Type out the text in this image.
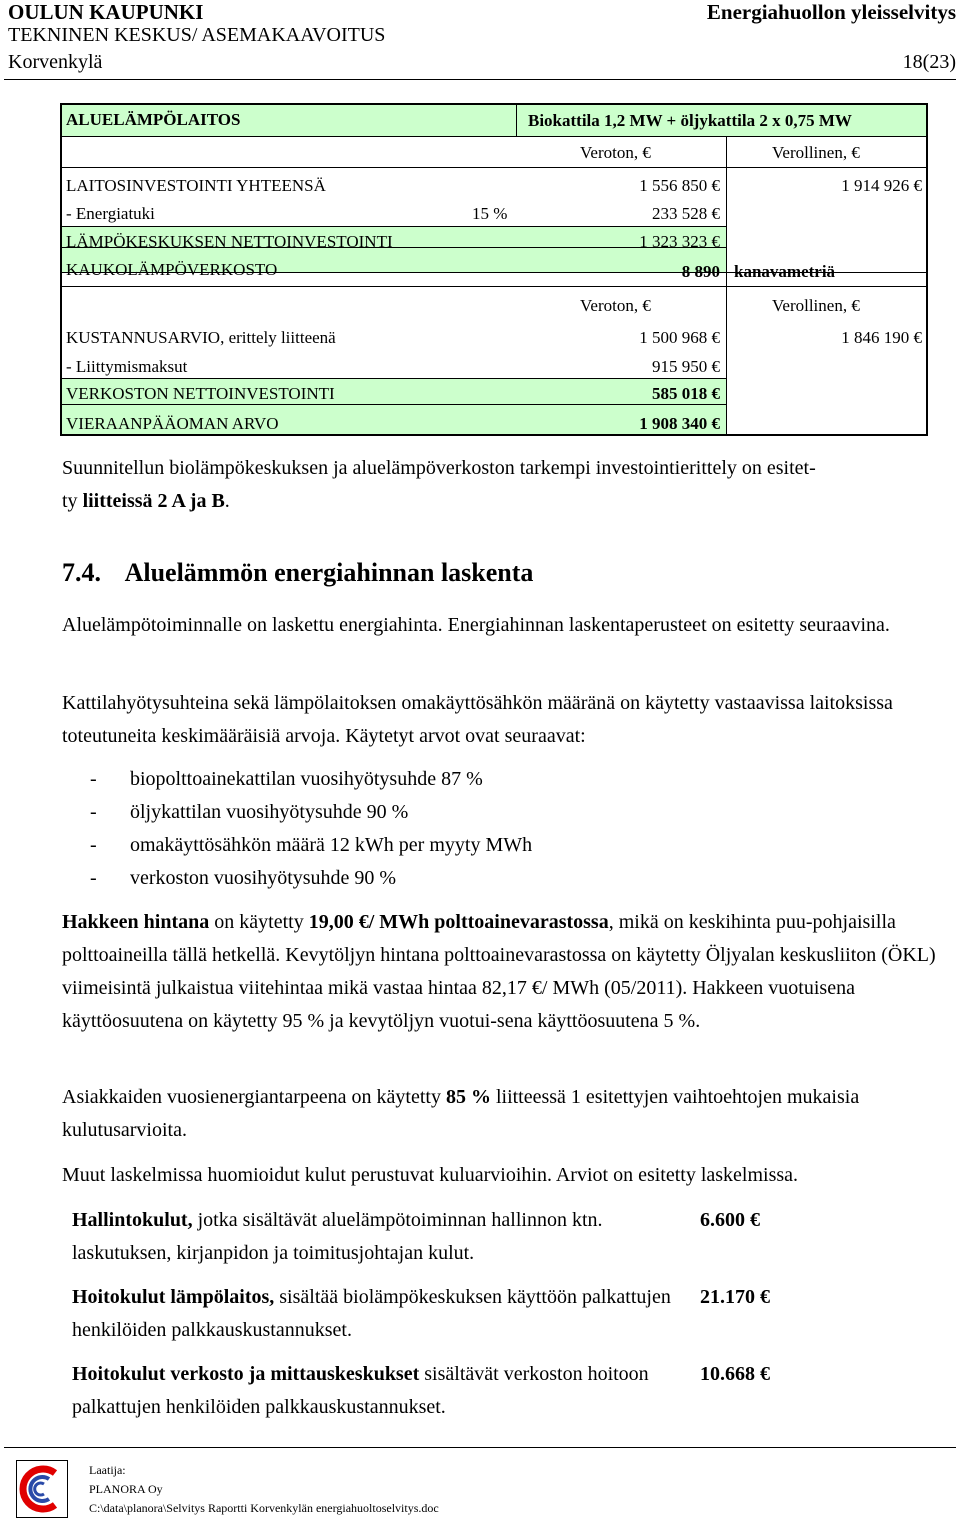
OULUN KAUPUNKI	Energiahuollon yleisselvitys
TEKNINEN KESKUS/ ASEMAKAAVOITUS
Korvenkylä	18(23)
ALUELÄMPÖLAITOS	Biokattila 1,2 MW + öljykattila 2 x 0,75 MW
Veroton, €	Verollinen, €
LAITOSINVESTOINTI YHTEENSÄ	1 556 850 €	1 914 926 €
- Energiatuki	15 %	233 528 €
LÄMPÖKESKUKSEN NETTOINVESTOINTI	1 323 323 €
KAUKOLÄMPÖVERKOSTO	8 890 kanavametriä
Veroton, €	Verollinen, €
KUSTANNUSARVIO, erittely liitteenä	1 500 968 €	1 846 190 €
- Liittymismaksut	915 950 €
VERKOSTON NETTOINVESTOINTI	585 018 €
VIERAANPÄÄOMAN ARVO	1 908 340 €
Suunnitellun biolämpökeskuksen ja aluelämpöverkoston tarkempi investointierittely on esitet-
ty liitteissä 2 A ja B.
7.4. Aluelämmön energiahinnan laskenta
Aluelämpötoiminnalle on laskettu energiahinta. Energiahinnan laskentaperusteet on esitetty seuraavina.
Kattilahyötysuhteina sekä lämpölaitoksen omakäyttösähkön määränä on käytetty vastaavissa laitoksissa toteutuneita keskimääräisiä arvoja. Käytetyt arvot ovat seuraavat:
- biopolttoainekattilan vuosihyötysuhde 87 %
- öljykattilan vuosihyötysuhde 90 %
- omakäyttösähkön määrä 12 kWh per myyty MWh
- verkoston vuosihyötysuhde 90 %
Hakkeen hintana on käytetty 19,00 €/ MWh polttoainevarastossa, mikä on keskihinta puu-pohjaisilla polttoaineilla tällä hetkellä. Kevytöljyn hintana polttoainevarastossa on käytetty Öljyalan keskusliiton (ÖKL) viimeisintä julkaistua viitehintaa mikä vastaa hintaa 82,17 €/ MWh (05/2011). Hakkeen vuotuisena käyttöosuutena on käytetty 95 % ja kevytöljyn vuotui-sena käyttöosuutena 5 %.
Asiakkaiden vuosienergiantarpeena on käytetty 85 % liitteessä 1 esitettyjen vaihtoehtojen mukaisia kulutusarvioita.
Muut laskelmissa huomioidut kulut perustuvat kuluarvioihin. Arviot on esitetty laskelmissa.
Hallintokulut, jotka sisältävät aluelämpötoiminnan hallinnon ktn. laskutuksen, kirjanpidon ja toimitusjohtajan kulut.
6.600 €
Hoitokulut lämpölaitos, sisältää biolämpökeskuksen käyttöön palkattujen henkilöiden palkkauskustannukset.
21.170 €
Hoitokulut verkosto ja mittauskeskukset sisältävät verkoston hoitoon palkattujen henkilöiden palkkauskustannukset.
10.668 €
Laatija:
PLANORA Oy
C:\data\planora\Selvitys Raportti Korvenkylän energiahuoltoselvitys.doc
